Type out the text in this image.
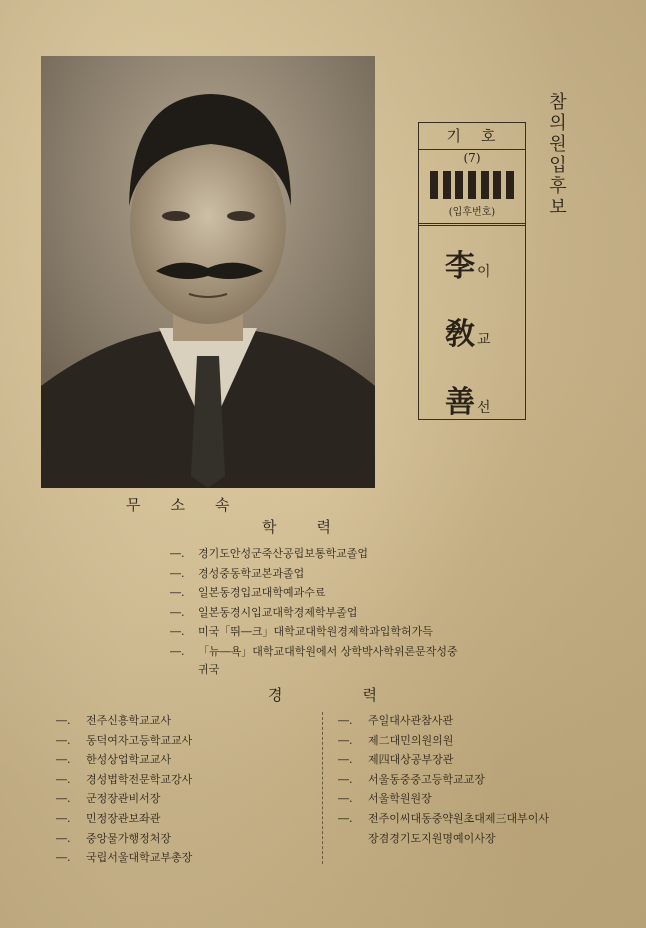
무소속
기호
(7)
(입후번호)
李이
敎교
善선
참
의
원
입
후
보
학력
―. 경기도안성군죽산공립보통학교졸업
―. 경성중동학교본과졸업
―. 일본동경입교대학예과수료
―. 일본동경시입교대학경제학부졸업
―. 미국「뛰―크」대학교대학원경제학과입학허가득
―. 「뉴―욕」대학교대학원에서 상학박사학위론문작성중
귀국
경력
―. 전주신흥학교교사
―. 동덕여자고등학교교사
―. 한성상업학교교사
―. 경성법학전문학교강사
―. 군정장관비서장
―. 민정장관보좌관
―. 중앙물가행정처장
―. 국립서울대학교부총장
―. 주일대사관참사관
―. 제二대민의원의원
―. 제四대상공부장관
―. 서울동중중고등학교교장
―. 서울학원원장
―. 전주이씨대동중약원초대제三대부이사
장겸경기도지원명예이사장
